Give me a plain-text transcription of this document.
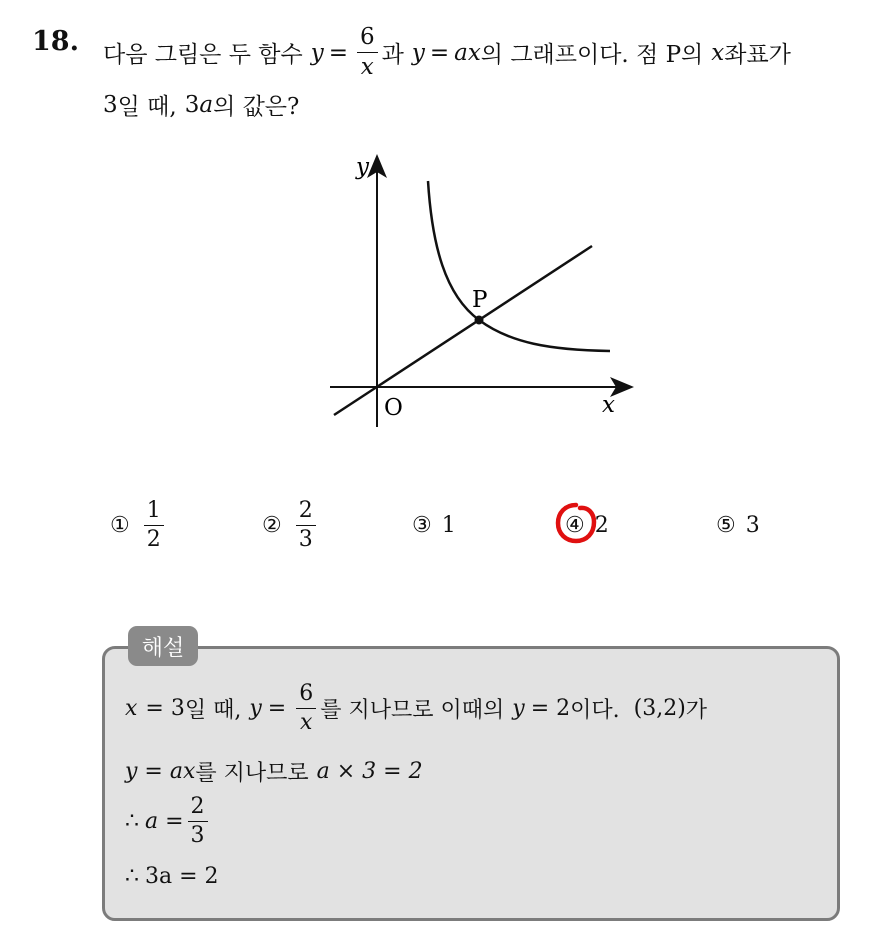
18. 다음 그림은 두 함수 $y = \frac{6}{x}$ 과 y = ax 의 그래프이다. 점 P의 x 좌표가
3 일 때, 3 a 의 값은?
P
O	x
y
① $\frac{1}{2}$	② $\frac{2}{3}$	③ 1	④ 2	⑤ 3
해설
x = 3 일 때, $y = \frac{6}{x}$ 를 지나므로 이때의 y = 2 이다. (3,2) 가
y = ax 를 지나므로 a × 3 = 2
∴ $a = \frac{2}{3}$
∴ 3a = 2
